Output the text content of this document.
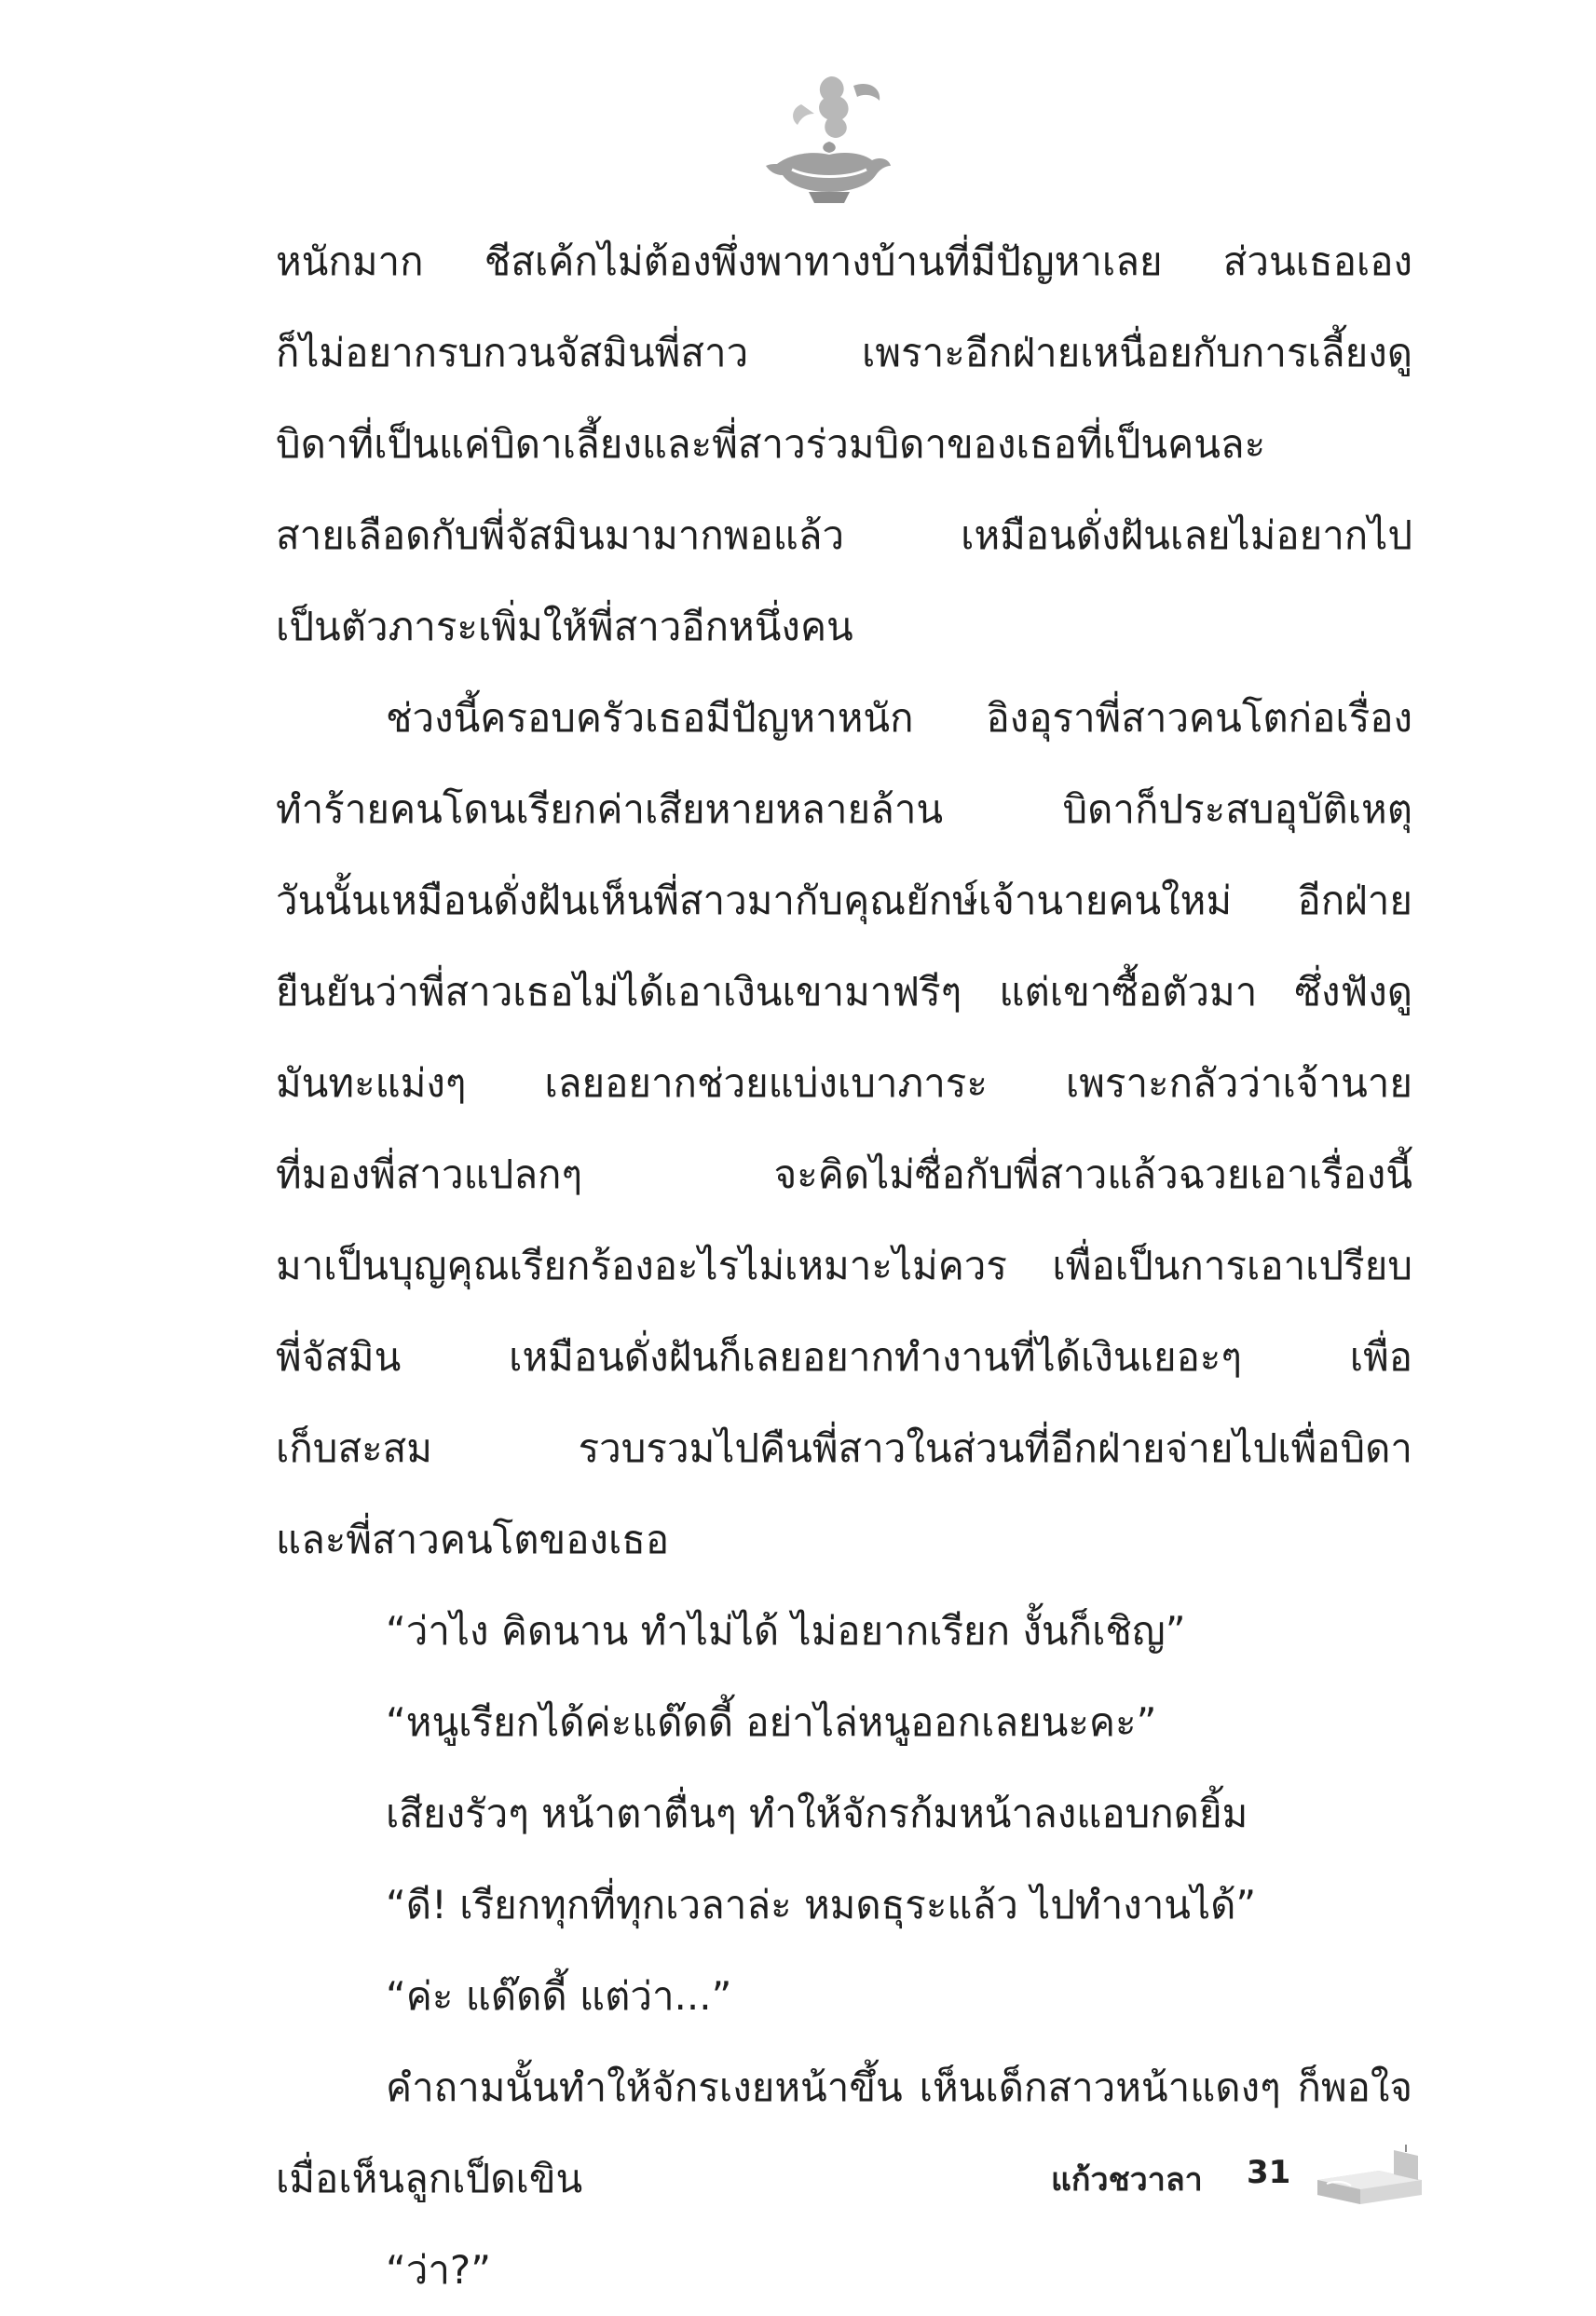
หนักมาก ชีสเค้กไม่ต้องพึ่งพาทางบ้านที่มีปัญหาเลย ส่วนเธอเอง
ก็ไม่อยากรบกวนจัสมินพี่สาว เพราะอีกฝ่ายเหนื่อยกับการเลี้ยงดู
บิดาที่เป็นแค่บิดาเลี้ยงและพี่สาวร่วมบิดาของเธอที่เป็นคนละ
สายเลือดกับพี่จัสมินมามากพอแล้ว เหมือนดั่งฝันเลยไม่อยากไป
เป็นตัวภาระเพิ่มให้พี่สาวอีกหนึ่งคน
ช่วงนี้ครอบครัวเธอมีปัญหาหนัก อิงอุราพี่สาวคนโตก่อเรื่อง
ทำร้ายคนโดนเรียกค่าเสียหายหลายล้าน บิดาก็ประสบอุบัติเหตุ
วันนั้นเหมือนดั่งฝันเห็นพี่สาวมากับคุณยักษ์เจ้านายคนใหม่ อีกฝ่าย
ยืนยันว่าพี่สาวเธอไม่ได้เอาเงินเขามาฟรีๆ แต่เขาซื้อตัวมา ซึ่งฟังดู
มันทะแม่งๆ เลยอยากช่วยแบ่งเบาภาระ เพราะกลัวว่าเจ้านาย
ที่มองพี่สาวแปลกๆ จะคิดไม่ซื่อกับพี่สาวแล้วฉวยเอาเรื่องนี้
มาเป็นบุญคุณเรียกร้องอะไรไม่เหมาะไม่ควร เพื่อเป็นการเอาเปรียบ
พี่จัสมิน เหมือนดั่งฝันก็เลยอยากทำงานที่ได้เงินเยอะๆ เพื่อ
เก็บสะสม รวบรวมไปคืนพี่สาวในส่วนที่อีกฝ่ายจ่ายไปเพื่อบิดา
และพี่สาวคนโตของเธอ
“ว่าไง คิดนาน ทำไม่ได้ ไม่อยากเรียก งั้นก็เชิญ”
“หนูเรียกได้ค่ะแด๊ดดี้ อย่าไล่หนูออกเลยนะคะ”
เสียงรัวๆ หน้าตาตื่นๆ ทำให้จักรก้มหน้าลงแอบกดยิ้ม
“ดี! เรียกทุกที่ทุกเวลาล่ะ หมดธุระแล้ว ไปทำงานได้”
“ค่ะ แด๊ดดี้ แต่ว่า...”
คำถามนั้นทำให้จักรเงยหน้าขึ้น เห็นเด็กสาวหน้าแดงๆ ก็พอใจ
เมื่อเห็นลูกเป็ดเขิน
“ว่า?”
แก้วชวาลา 31
